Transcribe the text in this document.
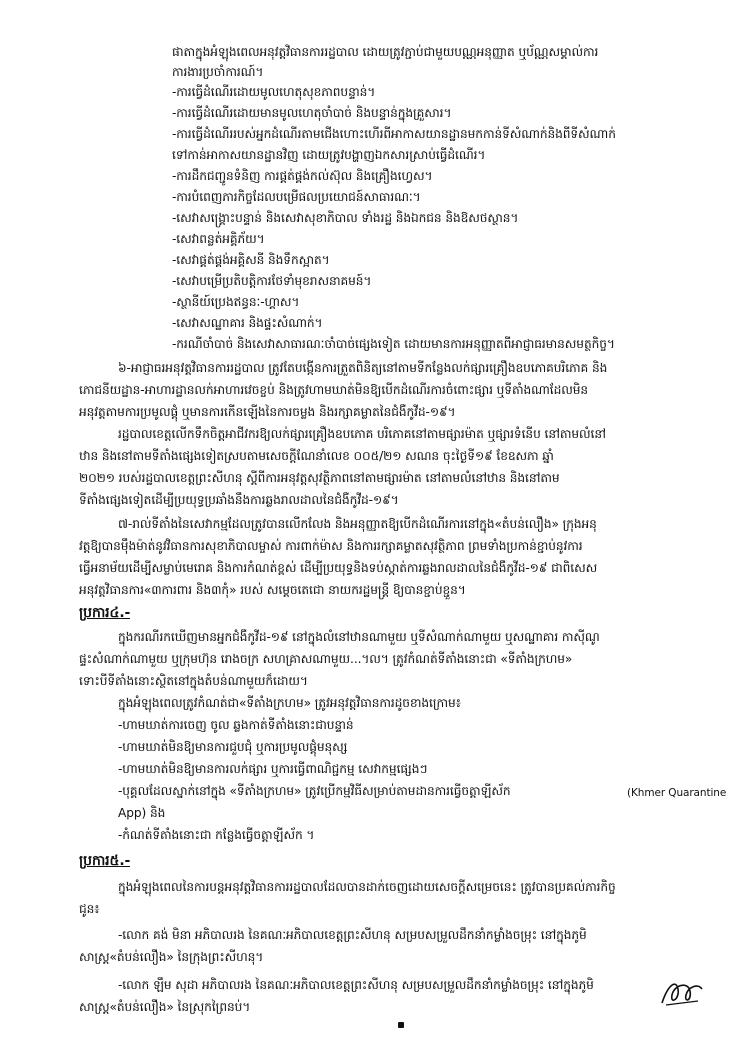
ផាតាក្នុងអំឡុងពេលអនុវត្តវិធានការរដ្ឋបាល ដោយត្រូវភ្ជាប់ជាមួយបណ្ណអនុញ្ញាត ឬប័ណ្ណសម្គាល់ការ
ការងារប្រចាំការណ៍។
-ការធ្វើដំណើរដោយមូលហេតុសុខភាពបន្ទាន់។
-ការធ្វើដំណើរដោយមានមូលហេតុចាំបាច់ និងបន្ទាន់ក្នុងគ្រួសារ។
-ការធ្វើដំណើររបស់អ្នកដំណើរតាមជើងហោះហើរពីអាកាសយានដ្ឋានមកកាន់ទីសំណាក់និងពីទីសំណាក់
ទៅកាន់អាកាសយានដ្ឋានវិញ ដោយត្រូវបង្ហាញឯកសារស្រាប់ធ្វើដំណើរ។
-ការដឹកជញ្ជូនទំនិញ ការផ្គត់ផ្គង់កល់ស៊ុល និងគ្រឿងហ្វេស។
-ការបំពេញភារកិច្ចដែលបម្រើផលប្រយោជន៍សាធារណៈ។
-សេវាសង្គ្រោះបន្ទាន់ និងសេវាសុខាភិបាល ទាំងរដ្ឋ និងឯកជន និងឱសថស្ថាន។
-សេវាពន្លត់អគ្គិភ័យ។
-សេវាផ្គត់ផ្គង់អគ្គិសនី និងទឹកស្អាត។
-សេវាបម្រើប្រតិបត្តិការថែទាំមុខរាសនាគមន៍។
-ស្ថានីយ៍ប្រេងឥន្ធនៈ-ហ្គាស។
-សេវាសណ្ឋាគារ និងផ្ទះសំណាក់។
-ករណីចាំបាច់ និងសេវាសាធារណៈចាំបាច់ផ្សេងទៀត ដោយមានការអនុញ្ញាតពីអាជ្ញាធរមានសមត្ថកិច្ច។
៦-អាជ្ញាធរអនុវត្តវិធានការរដ្ឋបាល ត្រូវតែបង្កើនការត្រួតពិនិត្យនៅតាមទីកន្លែងលក់ផ្សារគ្រឿងឧបភោគបរិភោគ និង
ភោជនីយដ្ឋាន-អាហារដ្ឋានលក់អាហារវេចខ្ចប់ និងត្រូវហាមឃាត់មិនឱ្យបើកដំណើរការចំពោះផ្សារ ឬទីតាំងណាដែលមិន
អនុវត្តតាមការប្រមូលផ្តុំ ឬមានការកើនឡើងនៃការចម្លង និងរក្សាគម្លាតនៃជំងឺកូវីដ-១៩។
រដ្ឋបាលខេត្តលើកទឹកចិត្តអាជីវករឱ្យលក់ផ្សារគ្រឿងឧបភោគ បរិភោគនៅតាមផ្សារម៉ាត ឬផ្សារទំនើប នៅតាមលំនៅ
ឋាន និងនៅតាមទីតាំងផ្សេងទៀតស្របតាមសេចក្តីណែនាំលេខ ០០៥/២១ សណន ចុះថ្ងៃទី១៩ ខែឧសភា ឆ្នាំ
២០២១ របស់រដ្ឋបាលខេត្តព្រះសីហនុ ស្តីពីការអនុវត្តសុវត្ថិភាពនៅតាមផ្សារម៉ាត នៅតាមលំនៅឋាន និងនៅតាម
ទីតាំងផ្សេងទៀតដើម្បីប្រយុទ្ធប្រឆាំងនឹងការឆ្លងរាលដាលនៃជំងឺកូវីដ-១៩។
៧-រាល់ទីតាំងនៃសេវាកម្មដែលត្រូវបានលើកលែង និងអនុញ្ញាតឱ្យបើកដំណើរការនៅក្នុង«តំបន់លឿង» ក្រុងអនុ
វត្តឱ្យបានម៉ឹងម៉ាត់នូវវិធានការសុខាភិបាលម្ចាស់ ការពាក់ម៉ាស និងការរក្សាគម្លាតសុវត្ថិភាព ព្រមទាំងប្រកាន់ខ្ជាប់នូវការ
ធ្វើអនាម័យដើម្បីសម្លាប់មេរោគ និងការកំណត់ខ្ពស់ ដើម្បីប្រយុទ្ធនិងទប់ស្កាត់ការឆ្លងរាលដាលនៃជំងឺកូវីដ-១៩ ជាពិសេស
អនុវត្តវិធានការ«៣ការពារ និង៣កុំ» របស់ សម្តេចតេជោ នាយករដ្ឋមន្ត្រី ឱ្យបានខ្ជាប់ខ្ជួន។
ប្រការ៤.-
ក្នុងករណីរកឃើញមានអ្នកជំងឺកូវីដ-១៩ នៅក្នុងលំនៅឋានណាមួយ ឬទីសំណាក់ណាមួយ ឬសណ្ឋាគារ កាស៊ីណូ
ផ្ទះសំណាក់ណាមួយ ឬក្រុមហ៊ុន រោងចក្រ សហគ្រាសណាមួយ...។ល។ ត្រូវកំណត់ទីតាំងនោះជា «ទីតាំងក្រហម»
ទោះបីទីតាំងនោះស្ថិតនៅក្នុងតំបន់ណាមួយក៏ដោយ។
ក្នុងអំឡុងពេលត្រូវកំណត់ជា«ទីតាំងក្រហម» ត្រូវអនុវត្តវិធានការដូចខាងក្រោម៖
-ហាមឃាត់ការចេញ ចូល ឆ្លងកាត់ទីតាំងនោះជាបន្ទាន់
-ហាមឃាត់មិនឱ្យមានការជួបជុំ ឬការប្រមូលផ្តុំមនុស្ស
-ហាមឃាត់មិនឱ្យមានការលក់ផ្សារ ឬការធ្វើពាណិជ្ជកម្ម សេវាកម្មផ្សេងៗ
-បុគ្គលដែលស្នាក់នៅក្នុង «ទីតាំងក្រហម» ត្រូវប្រើកម្មវិធីសម្រាប់តាមដានការធ្វើចត្តាឡីស័ក	(Khmer Quarantine
App) និង
-កំណត់ទីតាំងនោះជា កន្លែងធ្វើចត្តាឡីស័ក ។
ប្រការ៥.-
ក្នុងអំឡុងពេលនៃការបន្តអនុវត្តវិធានការរដ្ឋបាលដែលបានដាក់ចេញដោយសេចក្តីសម្រេចនេះ ត្រូវបានប្រគល់ភារកិច្ច
ជូន៖
-លោក គង់ មិនា អភិបាលរង នៃគណៈអភិបាលខេត្តព្រះសីហនុ សម្របសម្រួលដឹកនាំកម្លាំងចម្រុះ នៅក្នុងភូមិ
សាស្ត្រ«តំបន់លឿង» នៃក្រុងព្រះសីហនុ។
-លោក ឡឹម សុដា អភិបាលរង នៃគណៈអភិបាលខេត្តព្រះសីហនុ សម្របសម្រួលដឹកនាំកម្លាំងចម្រុះ នៅក្នុងភូមិ
សាស្ត្រ«តំបន់លឿង» នៃស្រុកព្រៃនប់។
